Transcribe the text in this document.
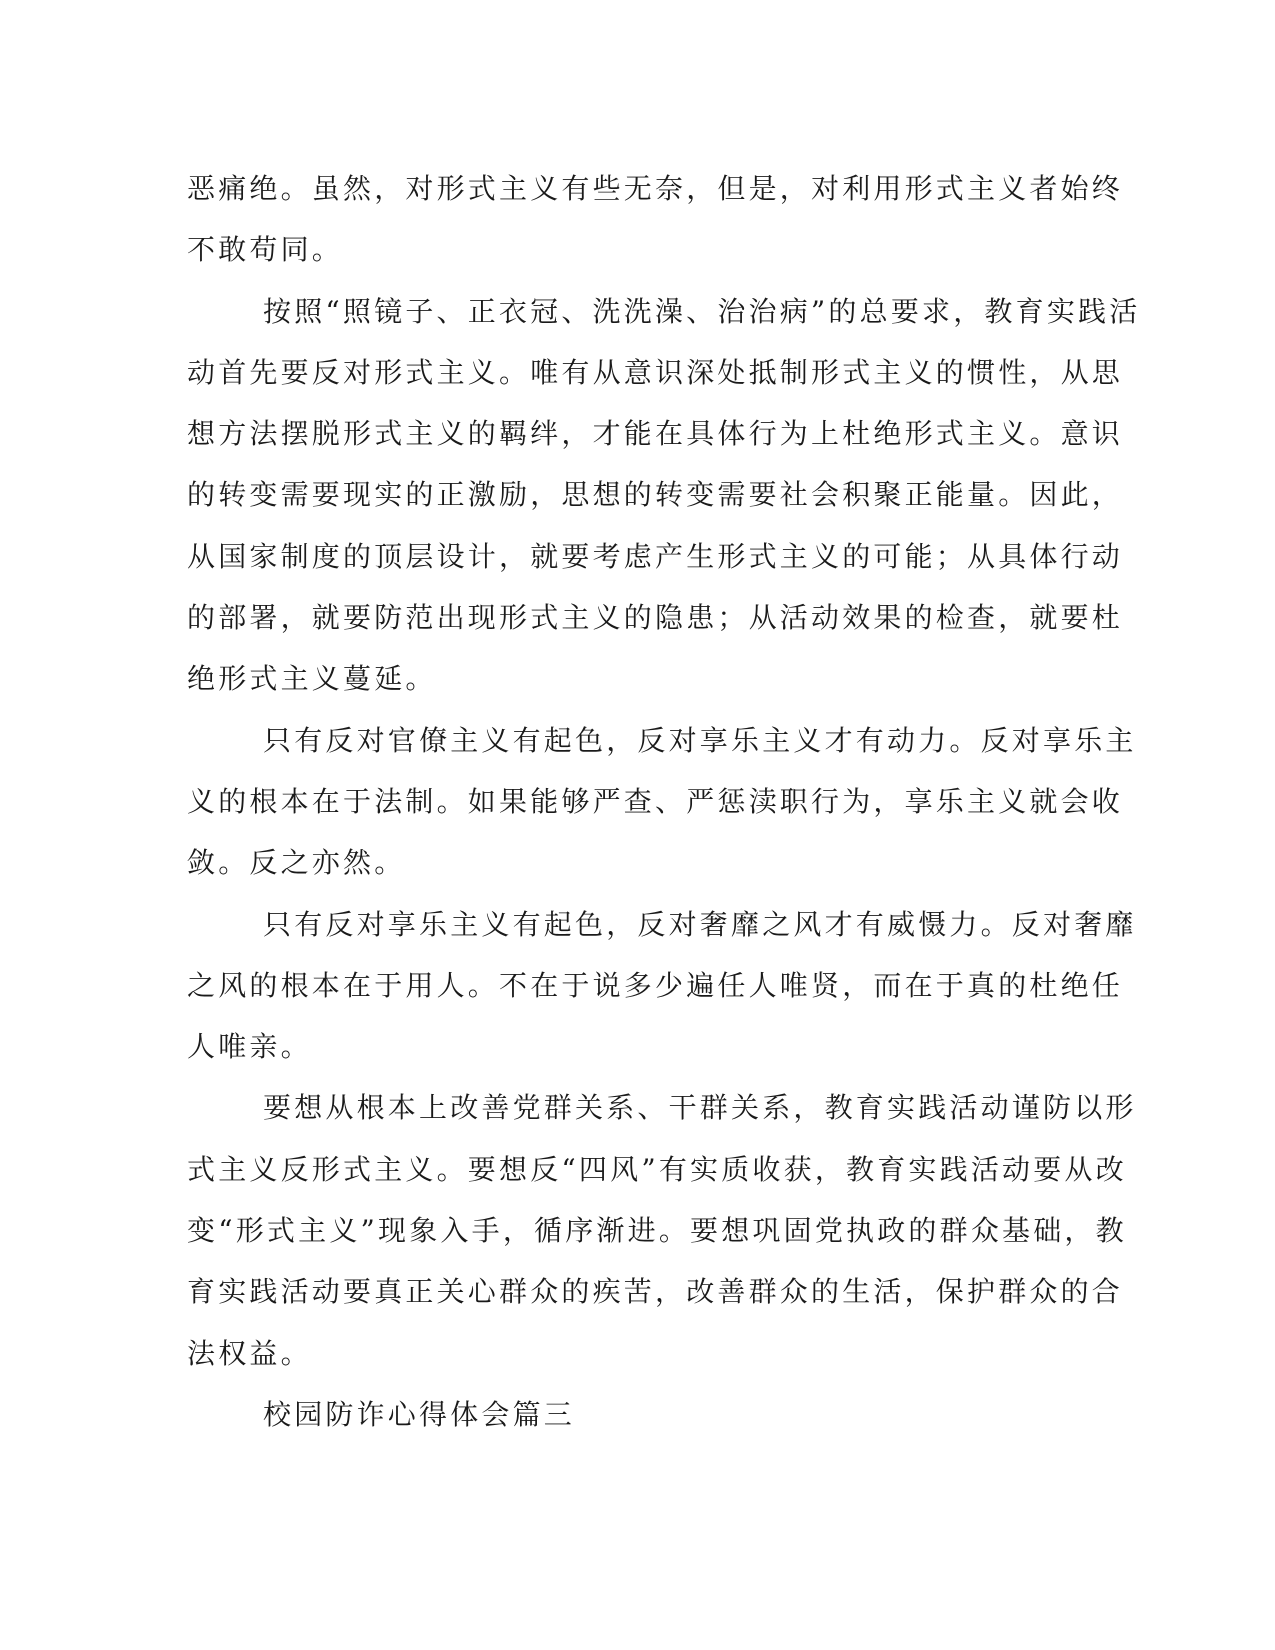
恶痛绝。虽然，对形式主义有些无奈，但是，对利用形式主义者始终
不敢苟同。
按照“照镜子、正衣冠、洗洗澡、治治病”的总要求，教育实践活
动首先要反对形式主义。唯有从意识深处抵制形式主义的惯性，从思
想方法摆脱形式主义的羁绊，才能在具体行为上杜绝形式主义。意识
的转变需要现实的正激励，思想的转变需要社会积聚正能量。因此，
从国家制度的顶层设计，就要考虑产生形式主义的可能；从具体行动
的部署，就要防范出现形式主义的隐患；从活动效果的检查，就要杜
绝形式主义蔓延。
只有反对官僚主义有起色，反对享乐主义才有动力。反对享乐主
义的根本在于法制。如果能够严查、严惩渎职行为，享乐主义就会收
敛。反之亦然。
只有反对享乐主义有起色，反对奢靡之风才有威慑力。反对奢靡
之风的根本在于用人。不在于说多少遍任人唯贤，而在于真的杜绝任
人唯亲。
要想从根本上改善党群关系、干群关系，教育实践活动谨防以形
式主义反形式主义。要想反“四风”有实质收获，教育实践活动要从改
变“形式主义”现象入手，循序渐进。要想巩固党执政的群众基础，教
育实践活动要真正关心群众的疾苦，改善群众的生活，保护群众的合
法权益。
校园防诈心得体会篇三
